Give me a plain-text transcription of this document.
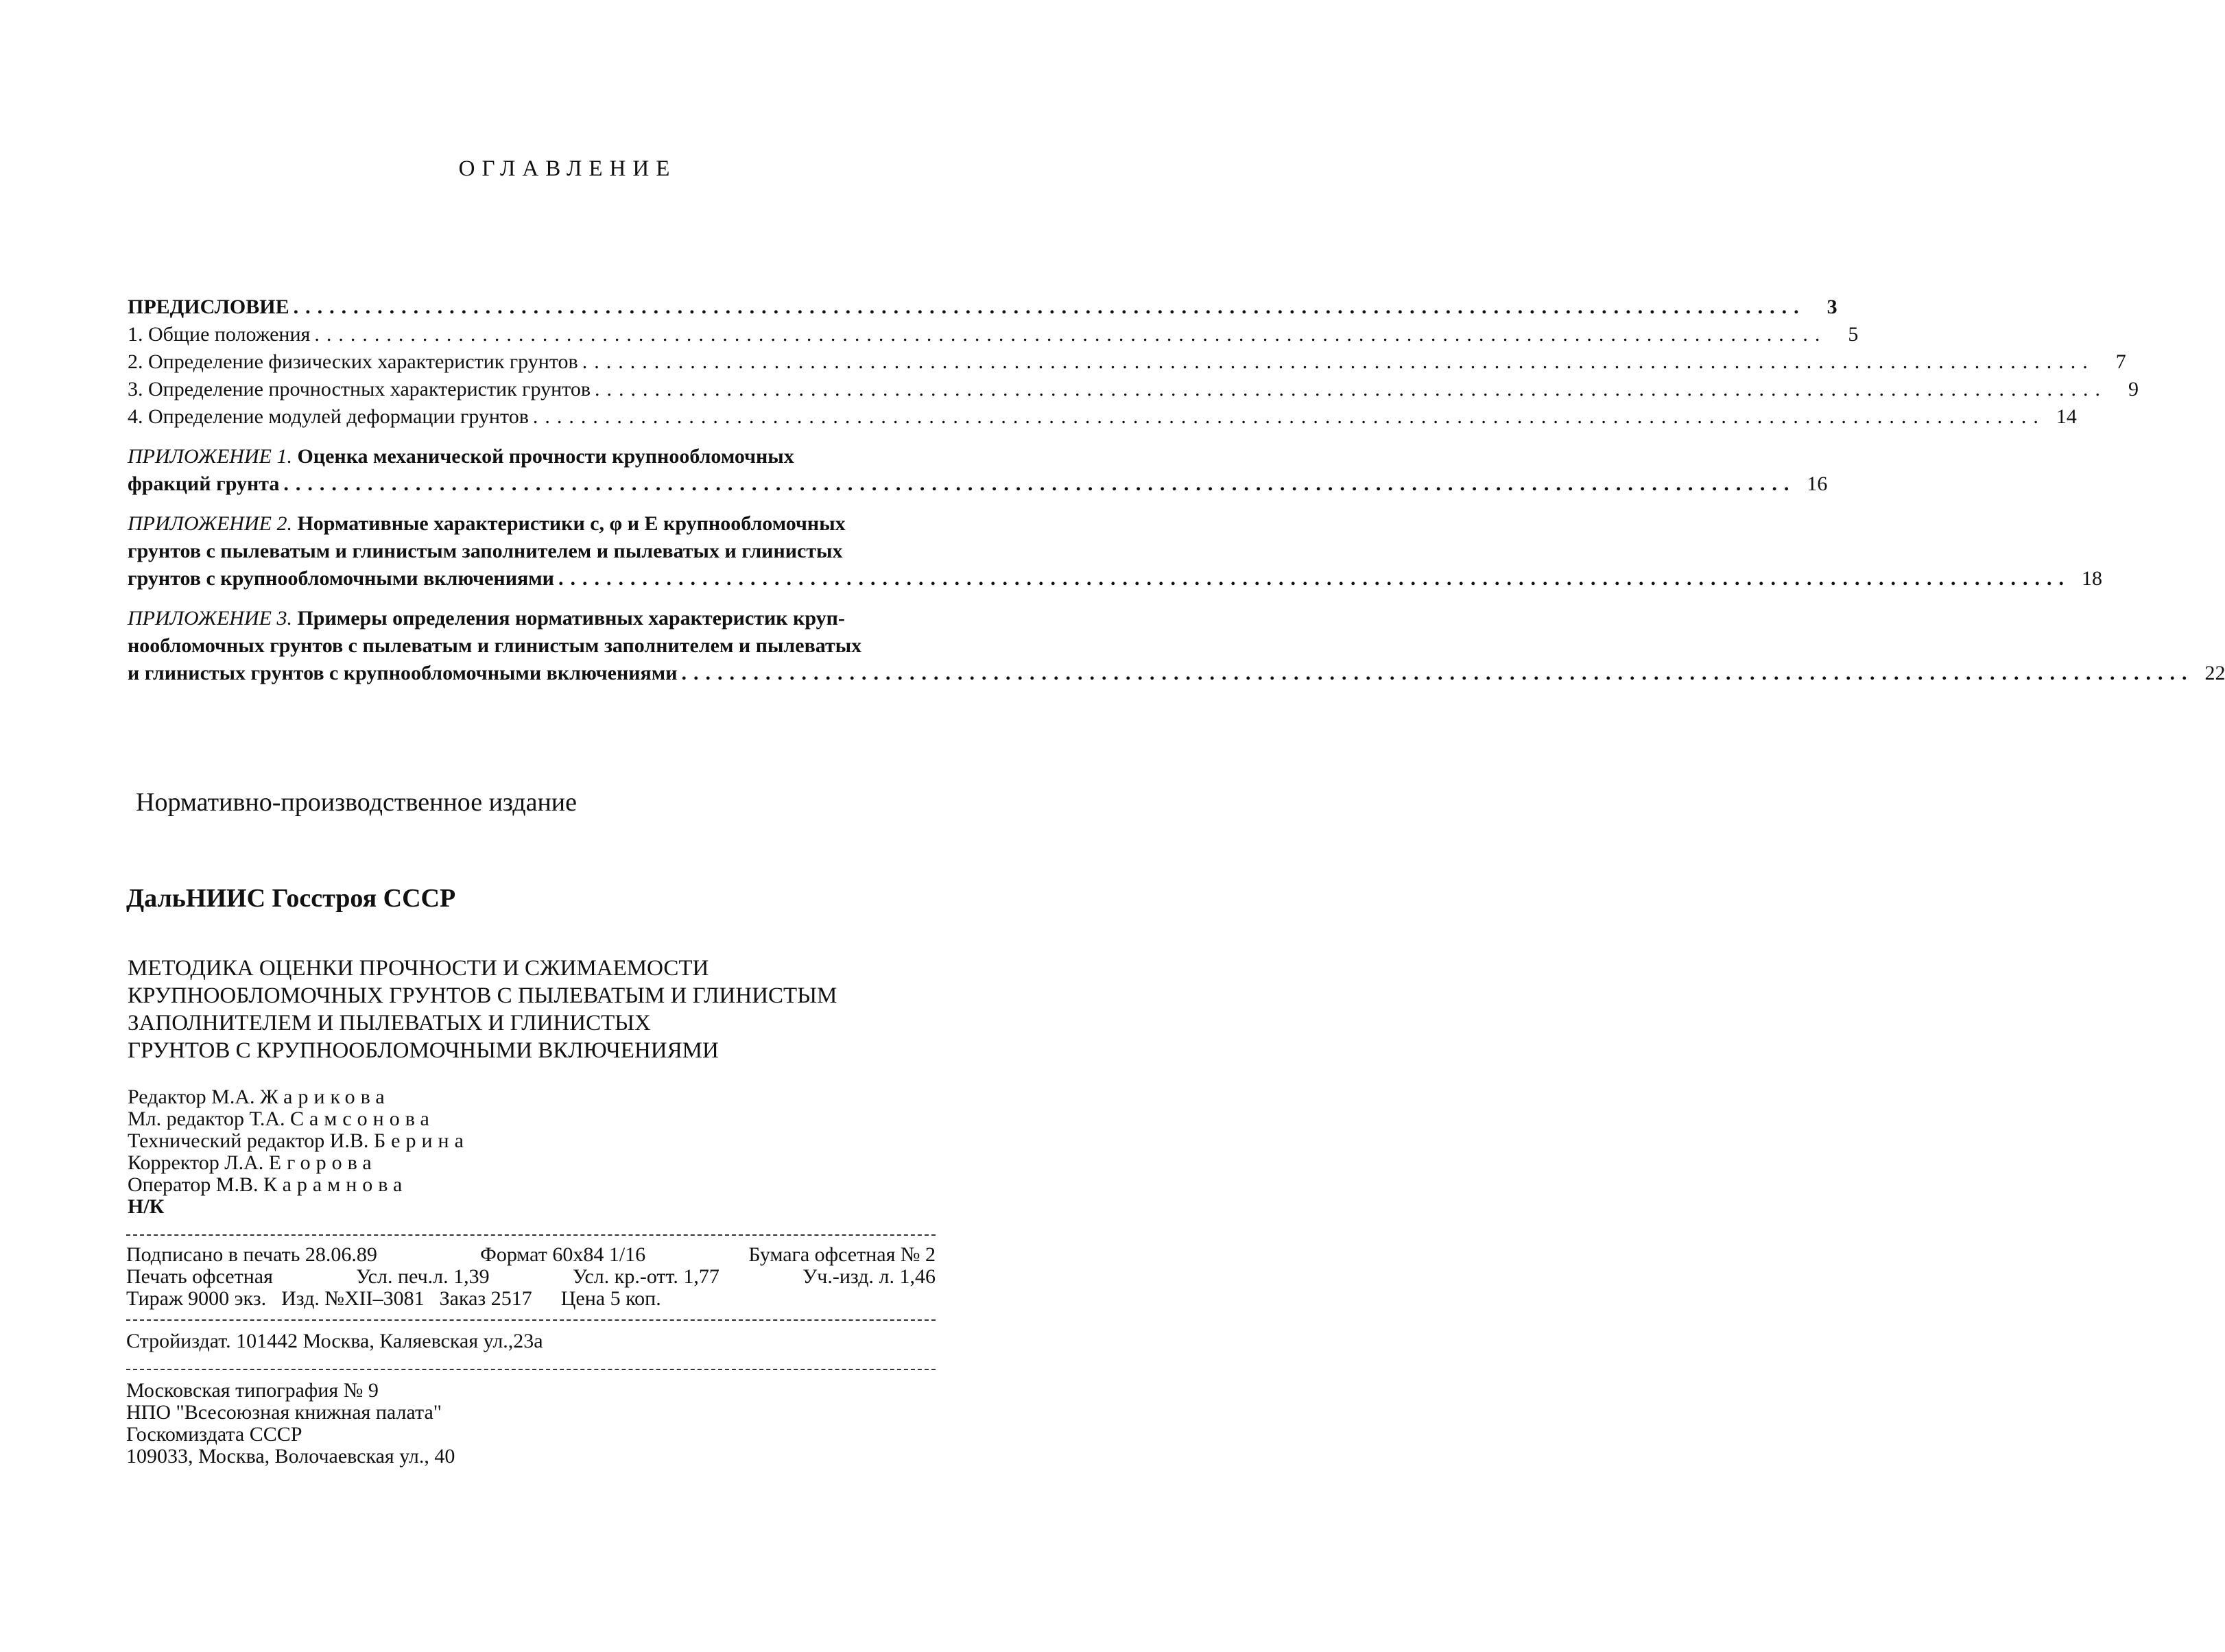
ОГЛАВЛЕНИЕ
ПРЕДИСЛОВИЕ ..............................................................................................................................	3
1. Общие положения ..............................................................................................................................	5
2. Определение физических характеристик грунтов ..............................................................................................................................	7
3. Определение прочностных характеристик грунтов ..............................................................................................................................	9
4. Определение модулей деформации грунтов .............................................................................................................................. 14
ПРИЛОЖЕНИЕ 1. Оценка механической прочности крупнообломочных
фракций грунта .............................................................................................................................. 16
ПРИЛОЖЕНИЕ 2. Нормативные характеристики с, φ и Е крупнообломочных
грунтов с пылеватым и глинистым заполнителем и пылеватых и глинистых
грунтов с крупнообломочными включениями .............................................................................................................................. 18
ПРИЛОЖЕНИЕ 3. Примеры определения нормативных характеристик круп-
нообломочных грунтов с пылеватым и глинистым заполнителем и пылеватых
и глинистых грунтов с крупнообломочными включениями .............................................................................................................................. 22
Нормативно-производственное издание
ДальНИИС Госстроя СССР
МЕТОДИКА ОЦЕНКИ ПРОЧНОСТИ И СЖИМАЕМОСТИ
КРУПНООБЛОМОЧНЫХ ГРУНТОВ С ПЫЛЕВАТЫМ И ГЛИНИСТЫМ
ЗАПОЛНИТЕЛЕМ И ПЫЛЕВАТЫХ И ГЛИНИСТЫХ
ГРУНТОВ С КРУПНООБЛОМОЧНЫМИ ВКЛЮЧЕНИЯМИ
Редактор М.А. Жарикова
Мл. редактор Т.А. Самсонова
Технический редактор И.В. Берина
Корректор Л.А. Егорова
Оператор М.В. Карамнова
Н/К
Подписано в печать 28.06.89	Формат 60х84 1/16	Бумага офсетная № 2
Печать офсетная	Усл. печ.л. 1,39	Усл. кр.-отт. 1,77	Уч.-изд. л. 1,46
Тираж 9000 экз. Изд. №XII–3081 Заказ 2517 Цена 5 коп.
Стройиздат. 101442 Москва, Каляевская ул.,23а
Московская типография № 9
НПО "Всесоюзная книжная палата"
Госкомиздата СССР
109033, Москва, Волочаевская ул., 40
